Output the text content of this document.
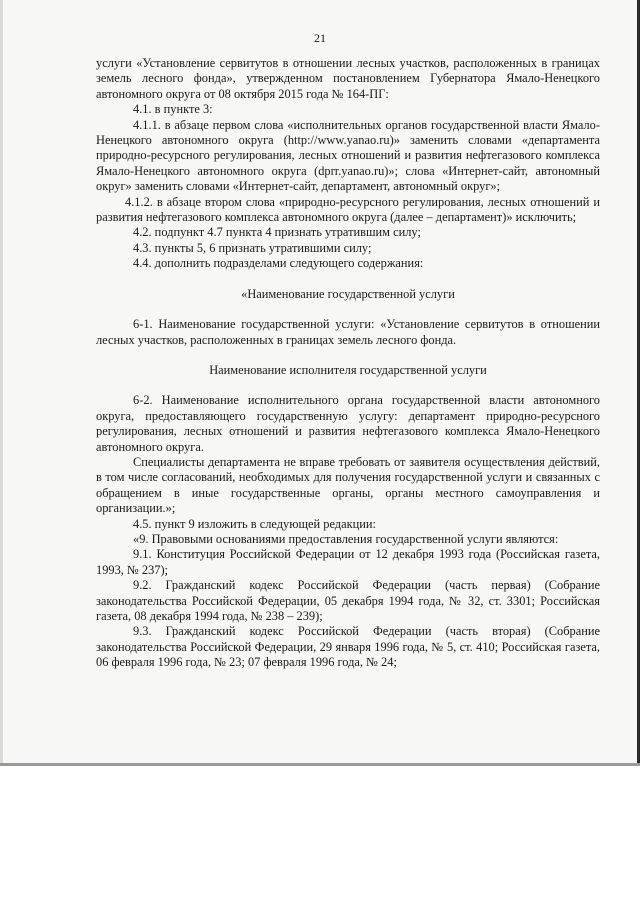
21

услуги «Установление сервитутов в отношении лесных участков, расположенных в границах земель лесного фонда», утвержденном постановлением Губернатора Ямало-Ненецкого автономного округа от 08 октября 2015 года № 164-ПГ:

4.1. в пункте 3:

4.1.1. в абзаце первом слова «исполнительных органов государственной власти Ямало-Ненецкого автономного округа (http://www.yanao.ru)» заменить словами «департамента природно-ресурсного регулирования, лесных отношений и развития нефтегазового комплекса Ямало-Ненецкого автономного округа (dprr.yanao.ru)»; слова «Интернет-сайт, автономный округ» заменить словами «Интернет-сайт, департамент, автономный округ»;

4.1.2. в абзаце втором слова «природно-ресурсного регулирования, лесных отношений и развития нефтегазового комплекса автономного округа (далее – департамент)» исключить;

4.2. подпункт 4.7 пункта 4 признать утратившим силу;

4.3. пункты 5, 6 признать утратившими силу;

4.4. дополнить подразделами следующего содержания:

«Наименование государственной услуги

6-1. Наименование государственной услуги: «Установление сервитутов в отношении лесных участков, расположенных в границах земель лесного фонда.

Наименование исполнителя государственной услуги

6-2. Наименование исполнительного органа государственной власти автономного округа, предоставляющего государственную услугу: департамент природно-ресурсного регулирования, лесных отношений и развития нефтегазового комплекса Ямало-Ненецкого автономного округа.

Специалисты департамента не вправе требовать от заявителя осуществления действий, в том числе согласований, необходимых для получения государственной услуги и связанных с обращением в иные государственные органы, органы местного самоуправления и организации.»;

4.5. пункт 9 изложить в следующей редакции:

«9. Правовыми основаниями предоставления государственной услуги являются:

9.1. Конституция Российской Федерации от 12 декабря 1993 года (Российская газета, 1993, № 237);

9.2. Гражданский кодекс Российской Федерации (часть первая) (Собрание законодательства Российской Федерации, 05 декабря 1994 года, № 32, ст. 3301; Российская газета, 08 декабря 1994 года, № 238 – 239);

9.3. Гражданский кодекс Российской Федерации (часть вторая) (Собрание законодательства Российской Федерации, 29 января 1996 года, № 5, ст. 410; Российская газета, 06 февраля 1996 года, № 23; 07 февраля 1996 года, № 24;
